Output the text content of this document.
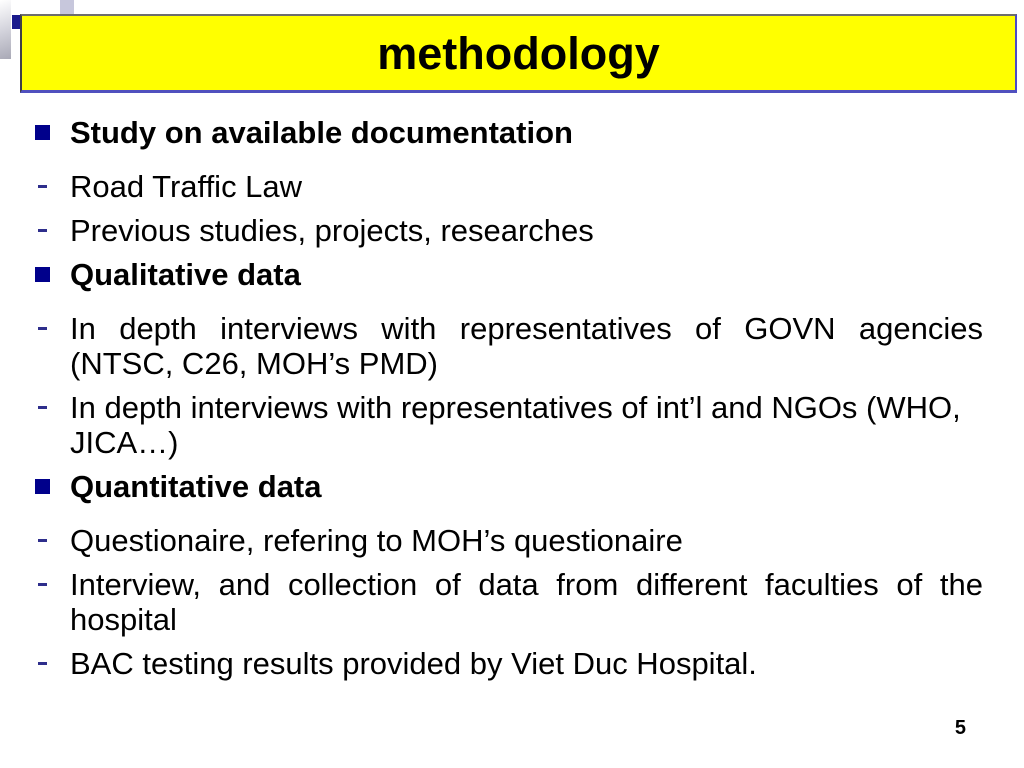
methodology
Study on available documentation
Road Traffic Law
Previous studies, projects, researches
Qualitative data
In depth interviews with representatives of GOVN agencies
(NTSC, C26, MOH’s PMD)
In depth interviews with representatives of int’l and NGOs (WHO,
JICA…)
Quantitative data
Questionaire, refering to MOH’s questionaire
Interview, and collection of data from different faculties of the
hospital
BAC testing results provided by Viet Duc Hospital.
5
